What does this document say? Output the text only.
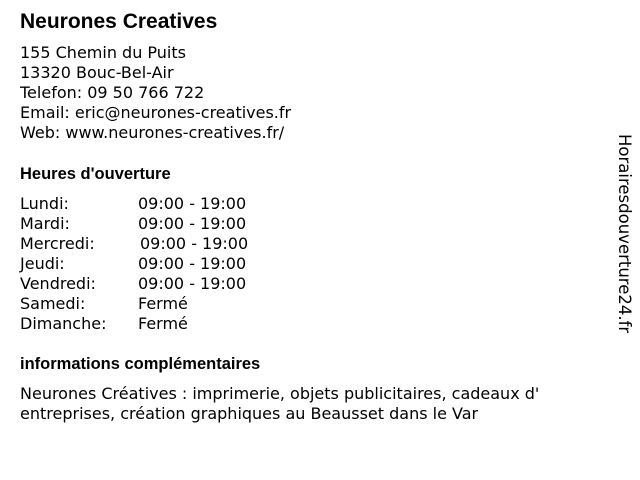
Neurones Creatives
155 Chemin du Puits
13320 Bouc-Bel-Air
Telefon: 09 50 766 722
Email: eric@neurones-creatives.fr
Web: www.neurones-creatives.fr/
Heures d'ouverture
Lundi:	09:00 - 19:00
Mardi:	09:00 - 19:00
Mercredi:	09:00 - 19:00
Jeudi:	09:00 - 19:00
Vendredi:	09:00 - 19:00
Samedi:	Fermé
Dimanche: Fermé
informations complémentaires
Neurones Créatives : imprimerie, objets publicitaires, cadeaux d'
entreprises, création graphiques au Beausset dans le Var
Horairesdouverture24.fr
